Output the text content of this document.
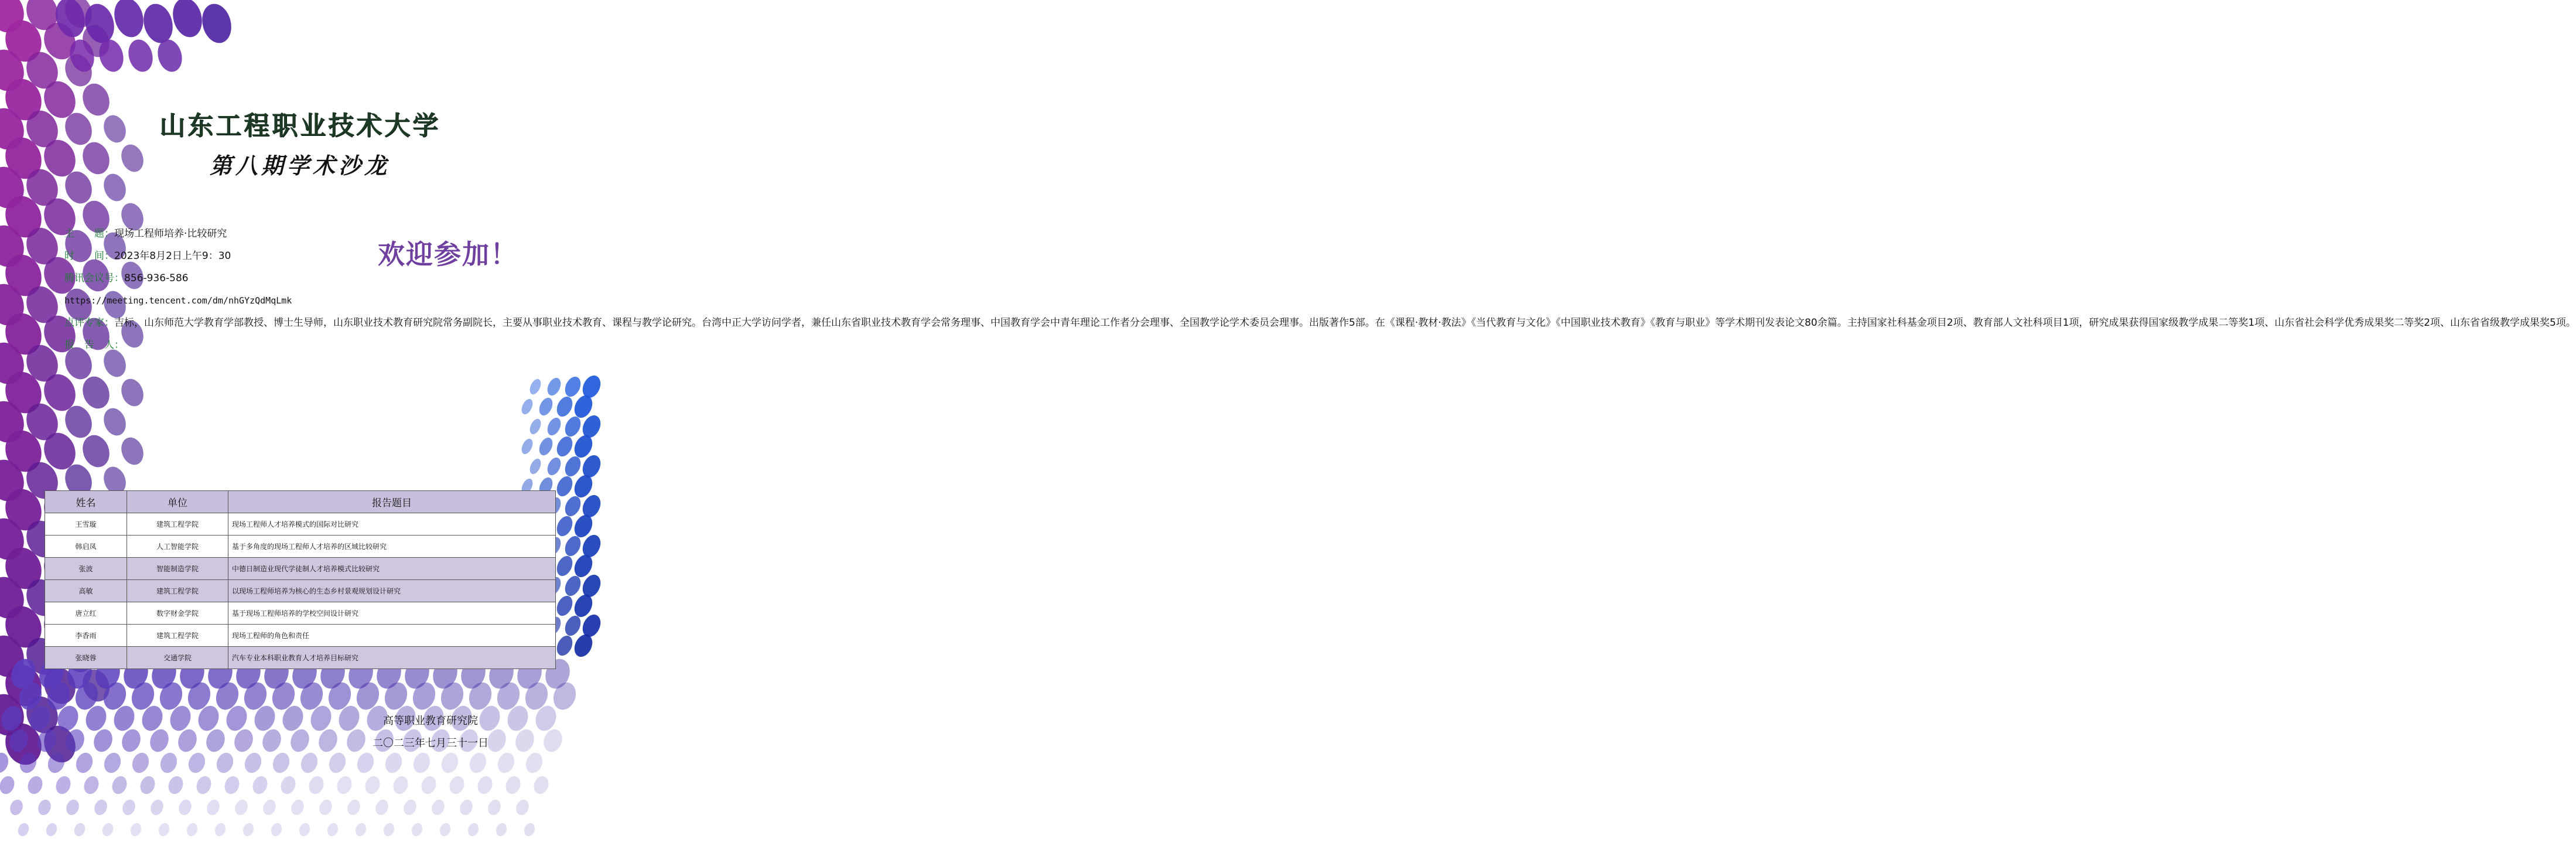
山东工程职业技术大学
第八期学术沙龙
欢迎参加！
主　　题：现场工程师培养·比较研究
时　　间：2023年8月2日上午9：30
腾讯会议号：856-936-586
https://meeting.tencent.com/dm/nhGYzQdMqLmk
点评专家：吉标，山东师范大学教育学部教授、博士生导师，山东职业技术教育研究院常务副院长，主要从事职业技术教育、课程与教学论研究。台湾中正大学访问学者，兼任山东省职业技术教育学会常务理事、中国教育学会中青年理论工作者分会理事、全国教学论学术委员会理事。出版著作5部。在《课程·教材·教法》《当代教育与文化》《中国职业技术教育》《教育与职业》等学术期刊发表论文80余篇。主持国家社科基金项目2项、教育部人文社科项目1项，研究成果获得国家级教学成果二等奖1项、山东省社会科学优秀成果奖二等奖2项、山东省省级教学成果奖5项。
报　告　人：
姓名	单位	报告题目
王雪璇	建筑工程学院	现场工程师人才培养模式的国际对比研究
韩启凤	人工智能学院	基于多角度的现场工程师人才培养的区域比较研究
张波	智能制造学院	中德日制造业现代学徒制人才培养模式比较研究
高敏	建筑工程学院	以现场工程师培养为核心的生态乡村景观规划设计研究
唐立红	数字财金学院	基于现场工程师培养的学校空间设计研究
李香雨	建筑工程学院	现场工程师的角色和责任
张晓蓉	交通学院	汽车专业本科职业教育人才培养目标研究
高等职业教育研究院
二〇二三年七月三十一日
